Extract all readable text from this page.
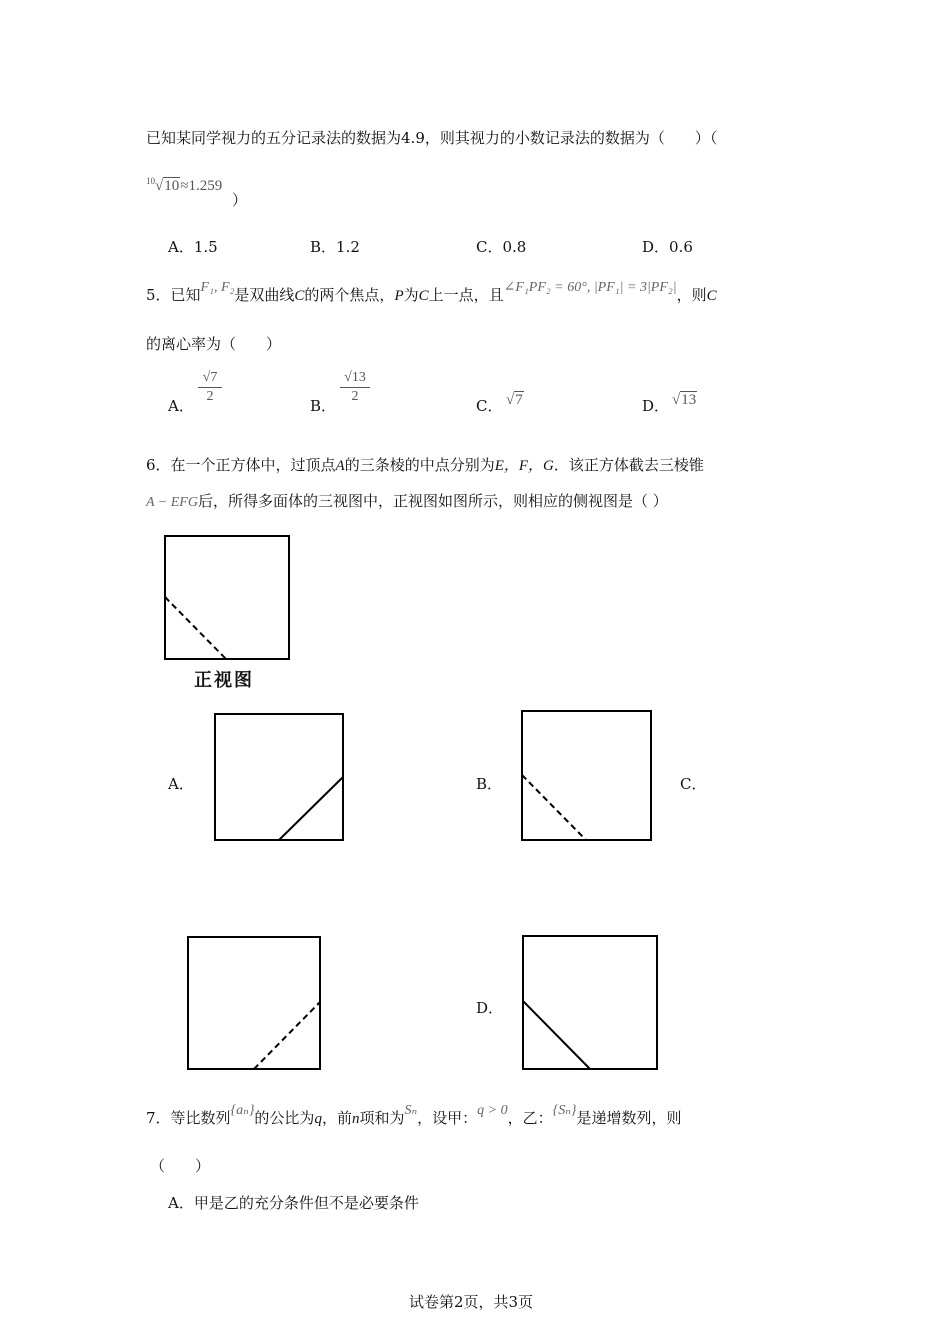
已知某同学视力的五分记录法的数据为4.9，则其视力的小数记录法的数据为（　　）（
$^{10}$√10≈1.259
）
A．1.5	B．1.2	C．0.8	D．0.6
5．已知F₁, F₂是双曲线C的两个焦点，P为C上一点，且∠F₁PF₂ = 60°, |PF₁| = 3|PF₂|，则C
的离心率为（　　）
A．
√7
2
B．
√13
2
C． √7	D． √13
6．在一个正方体中，过顶点A的三条棱的中点分别为E，F，G．该正方体截去三棱锥
A − EFG后，所得多面体的三视图中，正视图如图所示，则相应的侧视图是（ ）
正视图
A．	B．	C．
D．
7．等比数列{aₙ}的公比为q，前n项和为Sₙ，设甲：q > 0，乙：{Sₙ}是递增数列，则
（　　）
A．甲是乙的充分条件但不是必要条件
试卷第2页，共3页
